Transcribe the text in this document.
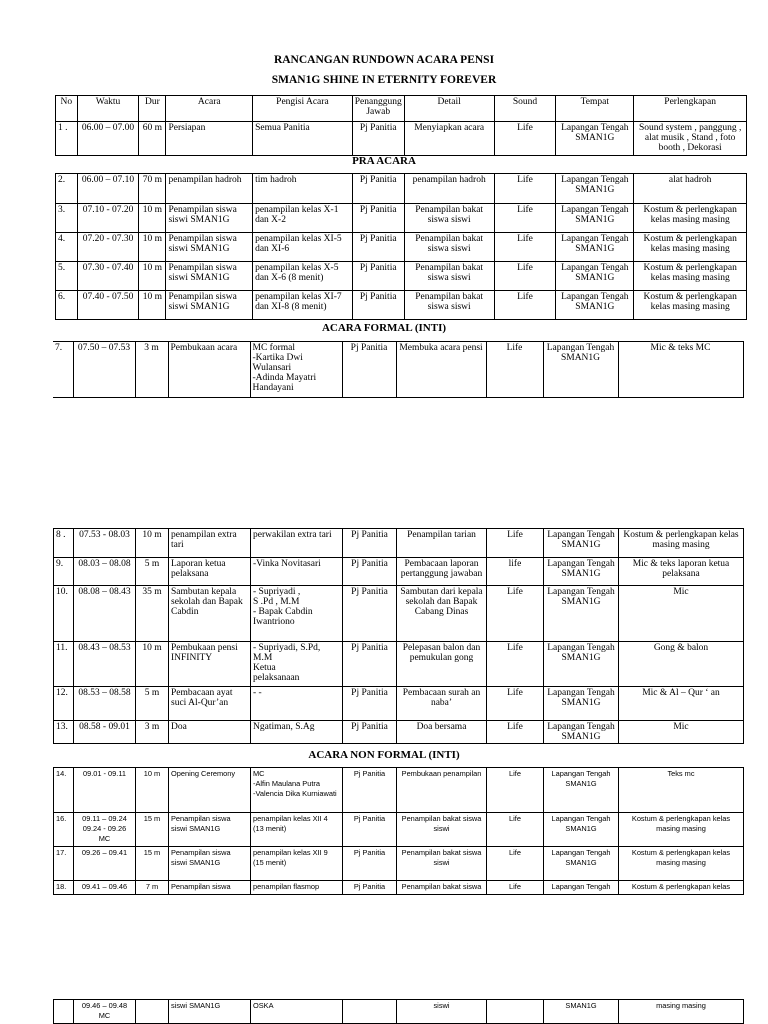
RANCANGAN RUNDOWN ACARA PENSI
SMAN1G SHINE IN ETERNITY FOREVER
No	Waktu	Dur	Acara	Pengisi Acara	Penanggung Jawab	Detail	Sound	Tempat	Perlengkapan
1 .	06.00 – 07.00	60 m	Persiapan	Semua Panitia	Pj Panitia	Menyiapkan acara	Life	Lapangan Tengah SMAN1G	Sound system , panggung , alat musik , Stand , foto booth , Dekorasi
PRA ACARA
2.	06.00 – 07.10	70 m	penampilan hadroh	tim hadroh	Pj Panitia	penampilan hadroh	Life	Lapangan Tengah SMAN1G	alat hadroh
3.	07.10 - 07.20	10 m	Penampilan siswa siswi SMAN1G	penampilan kelas X-1 dan X-2	Pj Panitia	Penampilan bakat siswa siswi	Life	Lapangan Tengah SMAN1G	Kostum & perlengkapan kelas masing masing
4.	07.20 - 07.30	10 m	Penampilan siswa siswi SMAN1G	penampilan kelas XI-5 dan XI-6	Pj Panitia	Penampilan bakat siswa siswi	Life	Lapangan Tengah SMAN1G	Kostum & perlengkapan kelas masing masing
5.	07.30 - 07.40	10 m	Penampilan siswa siswi SMAN1G	penampilan kelas X-5 dan X-6 (8 menit)	Pj Panitia	Penampilan bakat siswa siswi	Life	Lapangan Tengah SMAN1G	Kostum & perlengkapan kelas masing masing
6.	07.40 - 07.50	10 m	Penampilan siswa siswi SMAN1G	penampilan kelas XI-7 dan XI-8 (8 menit)	Pj Panitia	Penampilan bakat siswa siswi	Life	Lapangan Tengah SMAN1G	Kostum & perlengkapan kelas masing masing
ACARA FORMAL (INTI)
7.	07.50 – 07.53	3 m	Pembukaan acara	MC formal
-Kartika Dwi Wulansari
-Adinda Mayatri Handayani	Pj Panitia	Membuka acara pensi	Life	Lapangan Tengah SMAN1G	Mic & teks MC
8 .	07.53 - 08.03	10 m	penampilan extra tari	perwakilan extra tari	Pj Panitia	Penampilan tarian	Life	Lapangan Tengah SMAN1G	Kostum & perlengkapan kelas masing masing
9.	08.03 – 08.08	5 m	Laporan ketua pelaksana	-Vinka Novitasari	Pj Panitia	Pembacaan laporan pertanggung jawaban	life	Lapangan Tengah SMAN1G	Mic & teks laporan ketua pelaksana
10.	08.08 – 08.43	35 m	Sambutan kepala sekolah dan Bapak Cabdin	- Supriyadi ,
S .Pd , M.M
- Bapak Cabdin
Iwantriono	Pj Panitia	Sambutan dari kepala sekolah dan Bapak Cabang Dinas	Life	Lapangan Tengah SMAN1G	Mic
11.	08.43 – 08.53	10 m	Pembukaan pensi INFINITY	- Supriyadi, S.Pd,
M.M
Ketua
pelaksanaan	Pj Panitia	Pelepasan balon dan pemukulan gong	Life	Lapangan Tengah SMAN1G	Gong & balon
12.	08.53 – 08.58	5 m	Pembacaan ayat suci Al-Qur’an	- -	Pj Panitia	Pembacaan surah an naba’	Life	Lapangan Tengah SMAN1G	Mic & Al – Qur ‘ an
13.	08.58 - 09.01	3 m	Doa	Ngatiman, S.Ag	Pj Panitia	Doa bersama	Life	Lapangan Tengah SMAN1G	Mic
ACARA NON FORMAL (INTI)
14.	09.01 - 09.11	10 m	Opening Ceremony	MC
-Alfin Maulana Putra
-Valencia Dika Kurniawati	Pj Panitia	Pembukaan penampilan	Life	Lapangan Tengah SMAN1G	Teks mc
16.	09.11 – 09.24
09.24 - 09.26
MC	15 m	Penampilan siswa siswi SMAN1G	penampilan kelas XII 4 (13 menit)	Pj Panitia	Penampilan bakat siswa siswi	Life	Lapangan Tengah SMAN1G	Kostum & perlengkapan kelas masing masing
17.	09.26 – 09.41	15 m	Penampilan siswa siswi SMAN1G	penampilan kelas XII 9 (15 menit)	Pj Panitia	Penampilan bakat siswa siswi	Life	Lapangan Tengah SMAN1G	Kostum & perlengkapan kelas masing masing
18.	09.41 – 09.46	7 m	Penampilan siswa	penampilan flasmop	Pj Panitia	Penampilan bakat siswa	Life	Lapangan Tengah	Kostum & perlengkapan kelas
	09.46 – 09.48
MC		siswi SMAN1G	OSKA		siswi		SMAN1G	masing masing
